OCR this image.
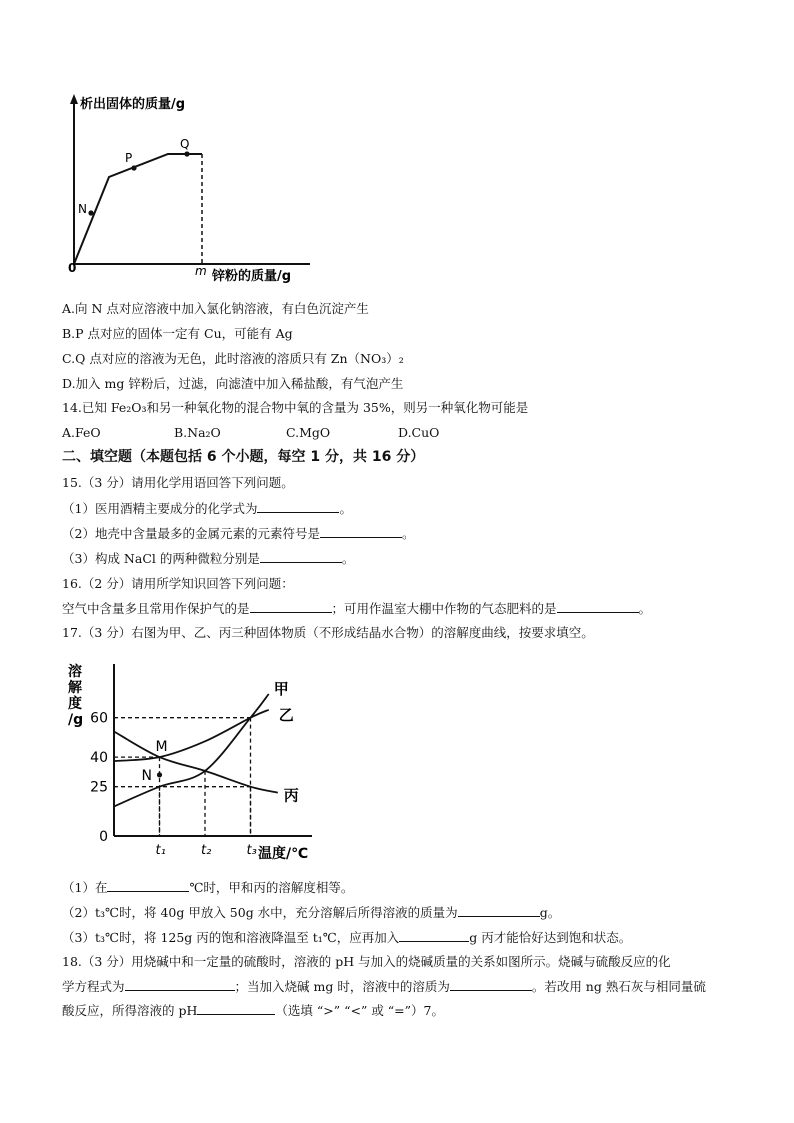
析出固体的质量/g
锌粉的质量/g
0	m
N
P
Q
A.向 N 点对应溶液中加入氯化钠溶液，有白色沉淀产生
B.P 点对应的固体一定有 Cu，可能有 Ag
C.Q 点对应的溶液为无色，此时溶液的溶质只有 Zn（NO₃）₂
D.加入 mg 锌粉后，过滤，向滤渣中加入稀盐酸，有气泡产生
14.已知 Fe₂O₃和另一种氧化物的混合物中氧的含量为 35%，则另一种氧化物可能是
A.FeO	B.Na₂O	C.MgO	D.CuO
二、填空题（本题包括 6 个小题，每空 1 分，共 16 分）
15.（3 分）请用化学用语回答下列问题。
（1）医用酒精主要成分的化学式为	。
（2）地壳中含量最多的金属元素的元素符号是	。
（3）构成 NaCl 的两种微粒分别是	。
16.（2 分）请用所学知识回答下列问题：
空气中含量多且常用作保护气的是	；可用作温室大棚中作物的气态肥料的是	。
17.（3 分）右图为甲、乙、丙三种固体物质（不形成结晶水合物）的溶解度曲线，按要求填空。
溶
解
度
/g
温度/℃
0
25
40
60
t₁	t₂	t₃
甲
乙
丙
M
N
（1）在	℃时，甲和丙的溶解度相等。
（2）t₃℃时，将 40g 甲放入 50g 水中，充分溶解后所得溶液的质量为	g。
（3）t₃℃时，将 125g 丙的饱和溶液降温至 t₁℃，应再加入	g 丙才能恰好达到饱和状态。
18.（3 分）用烧碱中和一定量的硫酸时，溶液的 pH 与加入的烧碱质量的关系如图所示。烧碱与硫酸反应的化
学方程式为	；当加入烧碱 mg 时，溶液中的溶质为	。若改用 ng 熟石灰与相同量硫
酸反应，所得溶液的 pH	（选填 “>” “<” 或 “=”）7。
